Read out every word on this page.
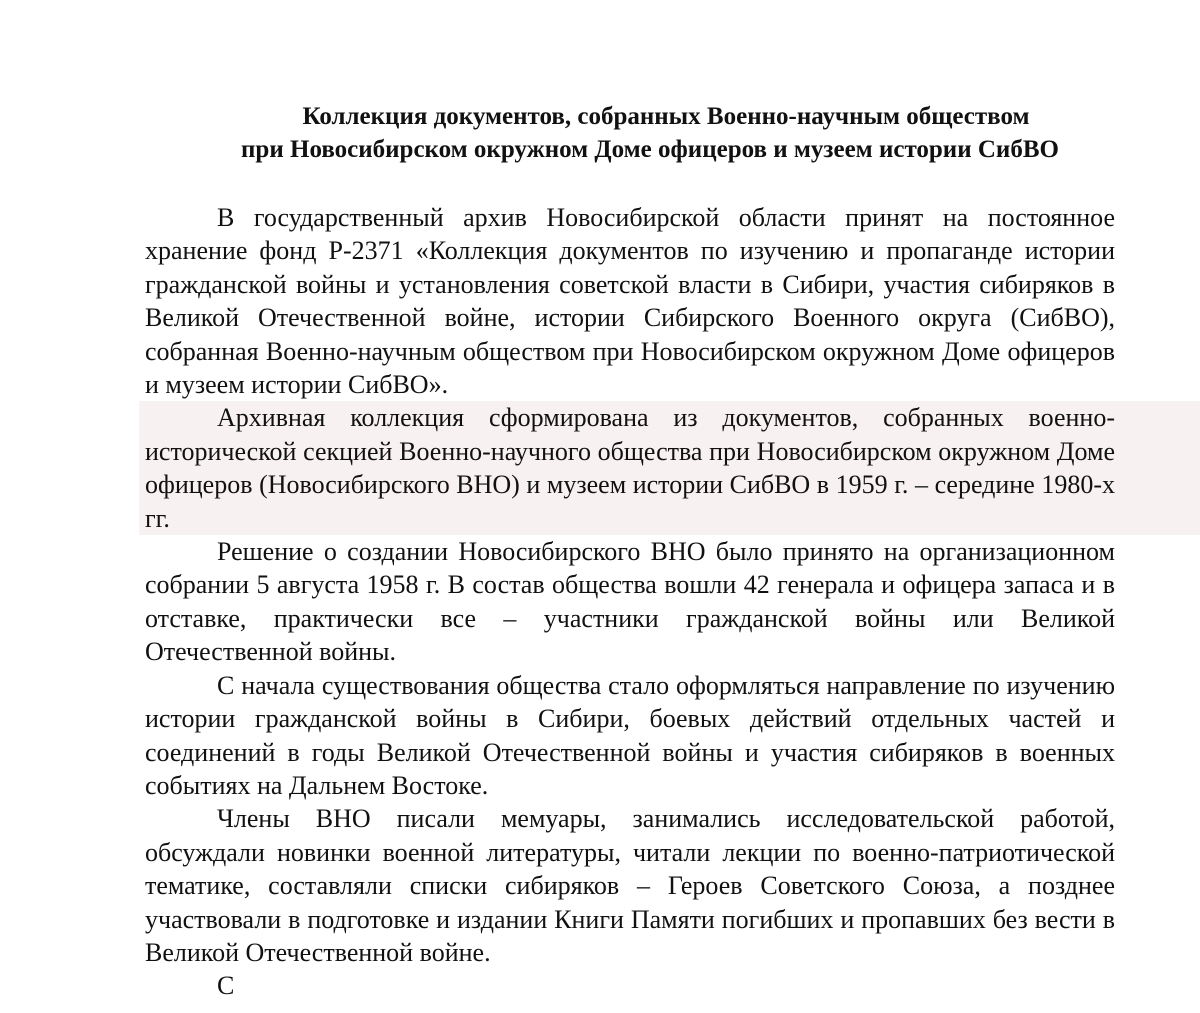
Коллекция документов, собранных Военно-научным обществом
при Новосибирском окружном Доме офицеров и музеем истории СибВО

В государственный архив Новосибирской области принят на постоянное хранение фонд Р-2371 «Коллекция документов по изучению и пропаганде истории гражданской войны и установления советской власти в Сибири, участия сибиряков в Великой Отечественной войне, истории Сибирского Военного округа (СибВО), собранная Военно-научным обществом при Новосибирском окружном Доме офицеров и музеем истории СибВО».

Архивная коллекция сформирована из документов, собранных военно-исторической секцией Военно-научного общества при Новосибирском окружном Доме офицеров (Новосибирского ВНО) и музеем истории СибВО в 1959 г. – середине 1980-х гг.

Решение о создании Новосибирского ВНО было принято на организационном собрании 5 августа 1958 г. В состав общества вошли 42 генерала и офицера запаса и в отставке, практически все – участники гражданской войны или Великой Отечественной войны.

С начала существования общества стало оформляться направление по изучению истории гражданской войны в Сибири, боевых действий отдельных частей и соединений в годы Великой Отечественной войны и участия сибиряков в военных событиях на Дальнем Востоке.

Члены ВНО писали мемуары, занимались исследовательской работой, обсуждали новинки военной литературы, читали лекции по военно-патриотической тематике, составляли списки сибиряков – Героев Советского Союза, а позднее участвовали в подготовке и издании Книги Памяти погибших и пропавших без вести в Великой Отечественной войне.

С
